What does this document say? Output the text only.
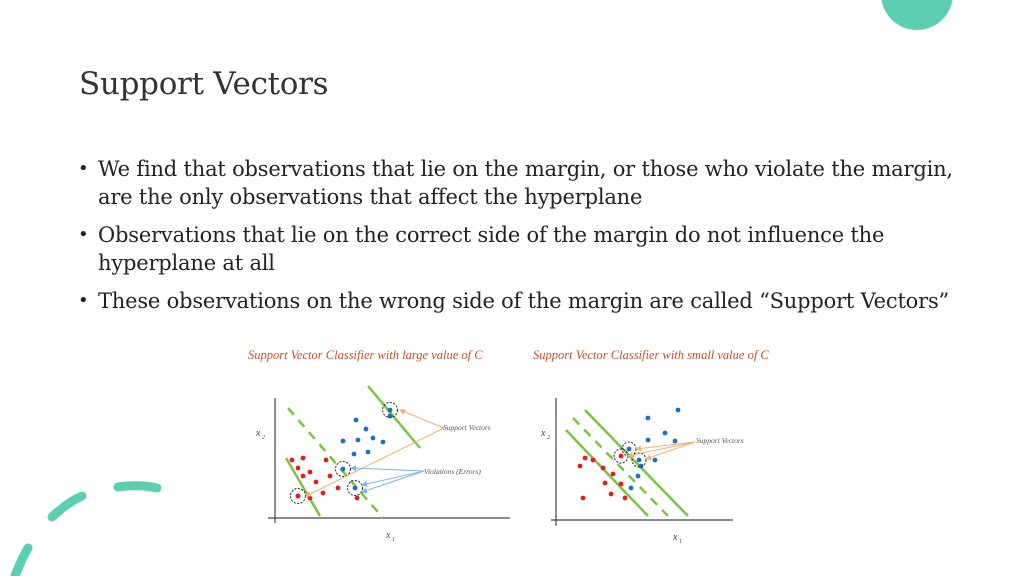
Support Vectors
• We find that observations that lie on the margin, or those who violate the margin, are the only observations that affect the hyperplane
• Observations that lie on the correct side of the margin do not influence the hyperplane at all
• These observations on the wrong side of the margin are called “Support Vectors”
Support Vector Classifier with large value of C
Support Vectors
Violations (Errors)
x 2
x 1
Support Vector Classifier with small value of C
Support Vectors
x 2
x 1
